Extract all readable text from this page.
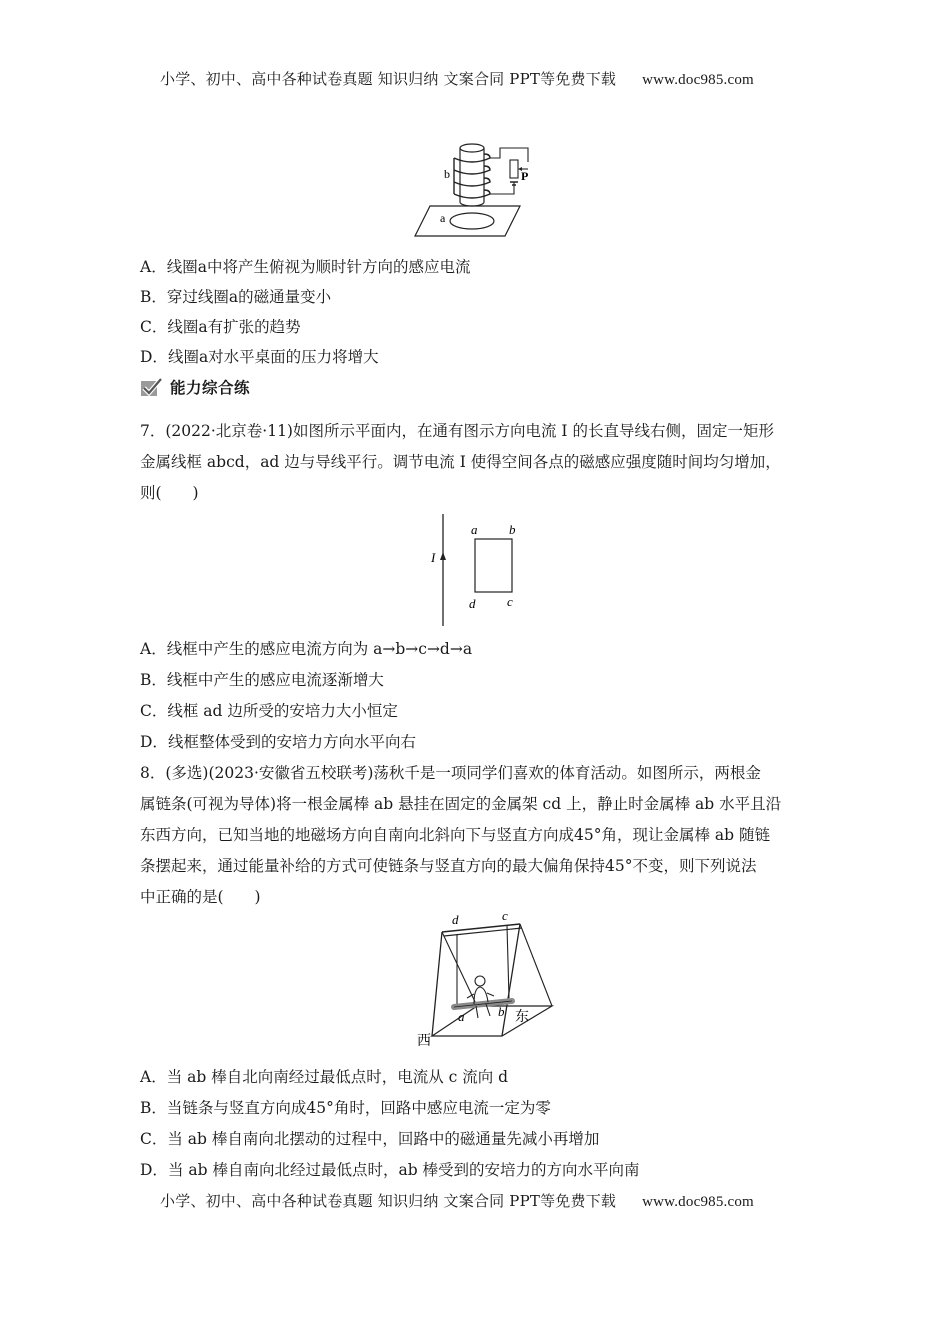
小学、初中、高中各种试卷真题 知识归纳 文案合同 PPT等免费下载 www.doc985.com
b
a
P
A．线圈a中将产生俯视为顺时针方向的感应电流
B．穿过线圈a的磁通量变小
C．线圈a有扩张的趋势
D．线圈a对水平桌面的压力将增大
能力综合练
7．(2022·北京卷·11)如图所示平面内，在通有图示方向电流 I 的长直导线右侧，固定一矩形
金属线框 abcd，ad 边与导线平行。调节电流 I 使得空间各点的磁感应强度随时间均匀增加，
则(　　)
I
a b
c
d
A．线框中产生的感应电流方向为 a→b→c→d→a
B．线框中产生的感应电流逐渐增大
C．线框 ad 边所受的安培力大小恒定
D．线框整体受到的安培力方向水平向右
8．(多选)(2023·安徽省五校联考)荡秋千是一项同学们喜欢的体育活动。如图所示，两根金
属链条(可视为导体)将一根金属棒 ab 悬挂在固定的金属架 cd 上，静止时金属棒 ab 水平且沿
东西方向，已知当地的地磁场方向自南向北斜向下与竖直方向成45°角，现让金属棒 ab 随链
条摆起来，通过能量补给的方式可使链条与竖直方向的最大偏角保持45°不变，则下列说法
中正确的是(　　)
d	c
a	b 东
西
A．当 ab 棒自北向南经过最低点时，电流从 c 流向 d
B．当链条与竖直方向成45°角时，回路中感应电流一定为零
C．当 ab 棒自南向北摆动的过程中，回路中的磁通量先减小再增加
D．当 ab 棒自南向北经过最低点时，ab 棒受到的安培力的方向水平向南
小学、初中、高中各种试卷真题 知识归纳 文案合同 PPT等免费下载 www.doc985.com
